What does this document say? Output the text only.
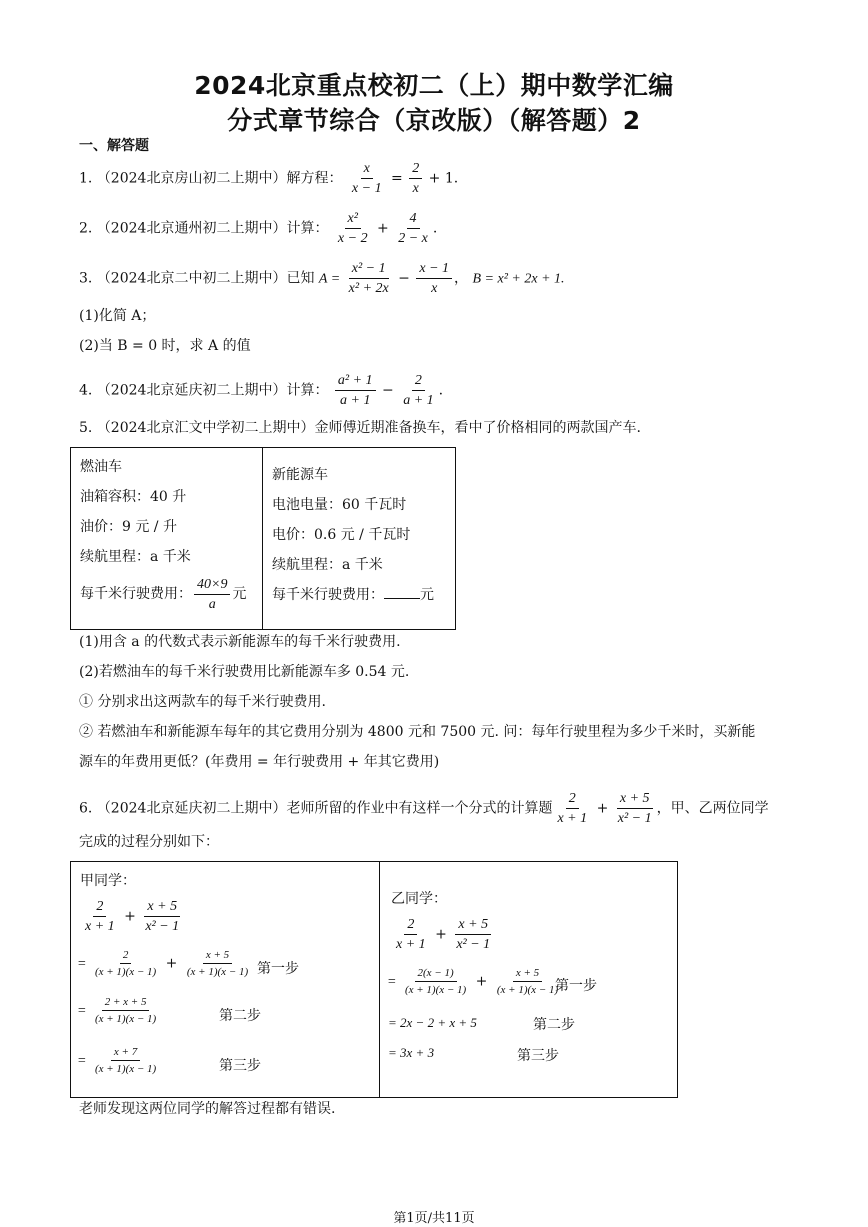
2024北京重点校初二（上）期中数学汇编
分式章节综合（京改版）（解答题）2
一、解答题
1. （2024北京房山初二上期中）解方程： $\frac{x}{x - 1} = \frac{2}{x} + 1$.
2. （2024北京通州初二上期中）计算： $\frac{\text{x²}}{x - 2} + \frac{4}{2 - x}$ .
3. （2024北京二中初二上期中）已知 $A = \frac{\text{x² − 1}}{\text{x² + 2x}} - \frac{x - 1}{x}$ ， B = x² + 2x + 1.
(1)化简 A；
(2)当 B = 0 时，求 A 的值
4. （2024北京延庆初二上期中）计算： $\frac{\text{a² + 1}}{a + 1} - \frac{2}{a + 1}$ .
5. （2024北京汇文中学初二上期中）金师傅近期准备换车，看中了价格相同的两款国产车.
燃油车
油箱容积：40 升
油价：9 元 / 升
续航里程：a 千米
每千米行驶费用： $\frac{40\times 9}{a}$ 元
新能源车
电池电量：60 千瓦时
电价：0.6 元 / 千瓦时
续航里程：a 千米
每千米行驶费用：	元
(1)用含 a 的代数式表示新能源车的每千米行驶费用.
(2)若燃油车的每千米行驶费用比新能源车多 0.54 元.
① 分别求出这两款车的每千米行驶费用.
② 若燃油车和新能源车每年的其它费用分别为 4800 元和 7500 元. 问：每年行驶里程为多少千米时，买新能
源车的年费用更低？(年费用 = 年行驶费用 + 年其它费用)
6. （2024北京延庆初二上期中）老师所留的作业中有这样一个分式的计算题 $\frac{2}{x + 1} + \frac{x + 5}{\text{x² − 1}}$ ，甲、乙两位同学
完成的过程分别如下：
甲同学：
$\frac{2}{x + 1} + \frac{x + 5}{\text{x² − 1}}$
= $\frac{2}{(x + 1)(x - 1)} + \frac{x + 5}{(x + 1)(x - 1)}$ 第一步
= $\frac{2 + x + 5}{(x + 1)(x - 1)}$	第二步
= $\frac{x + 7}{(x + 1)(x - 1)}$	第三步
乙同学：
$\frac{2}{x + 1} + \frac{x + 5}{\text{x² − 1}}$
= $\frac{2(x - 1)}{(x + 1)(x - 1)} + \frac{x + 5}{(x + 1)(x - 1)}$
第一步
= 2x − 2 + x + 5	第二步
= 3x + 3	第三步
老师发现这两位同学的解答过程都有错误.
第1页/共11页
